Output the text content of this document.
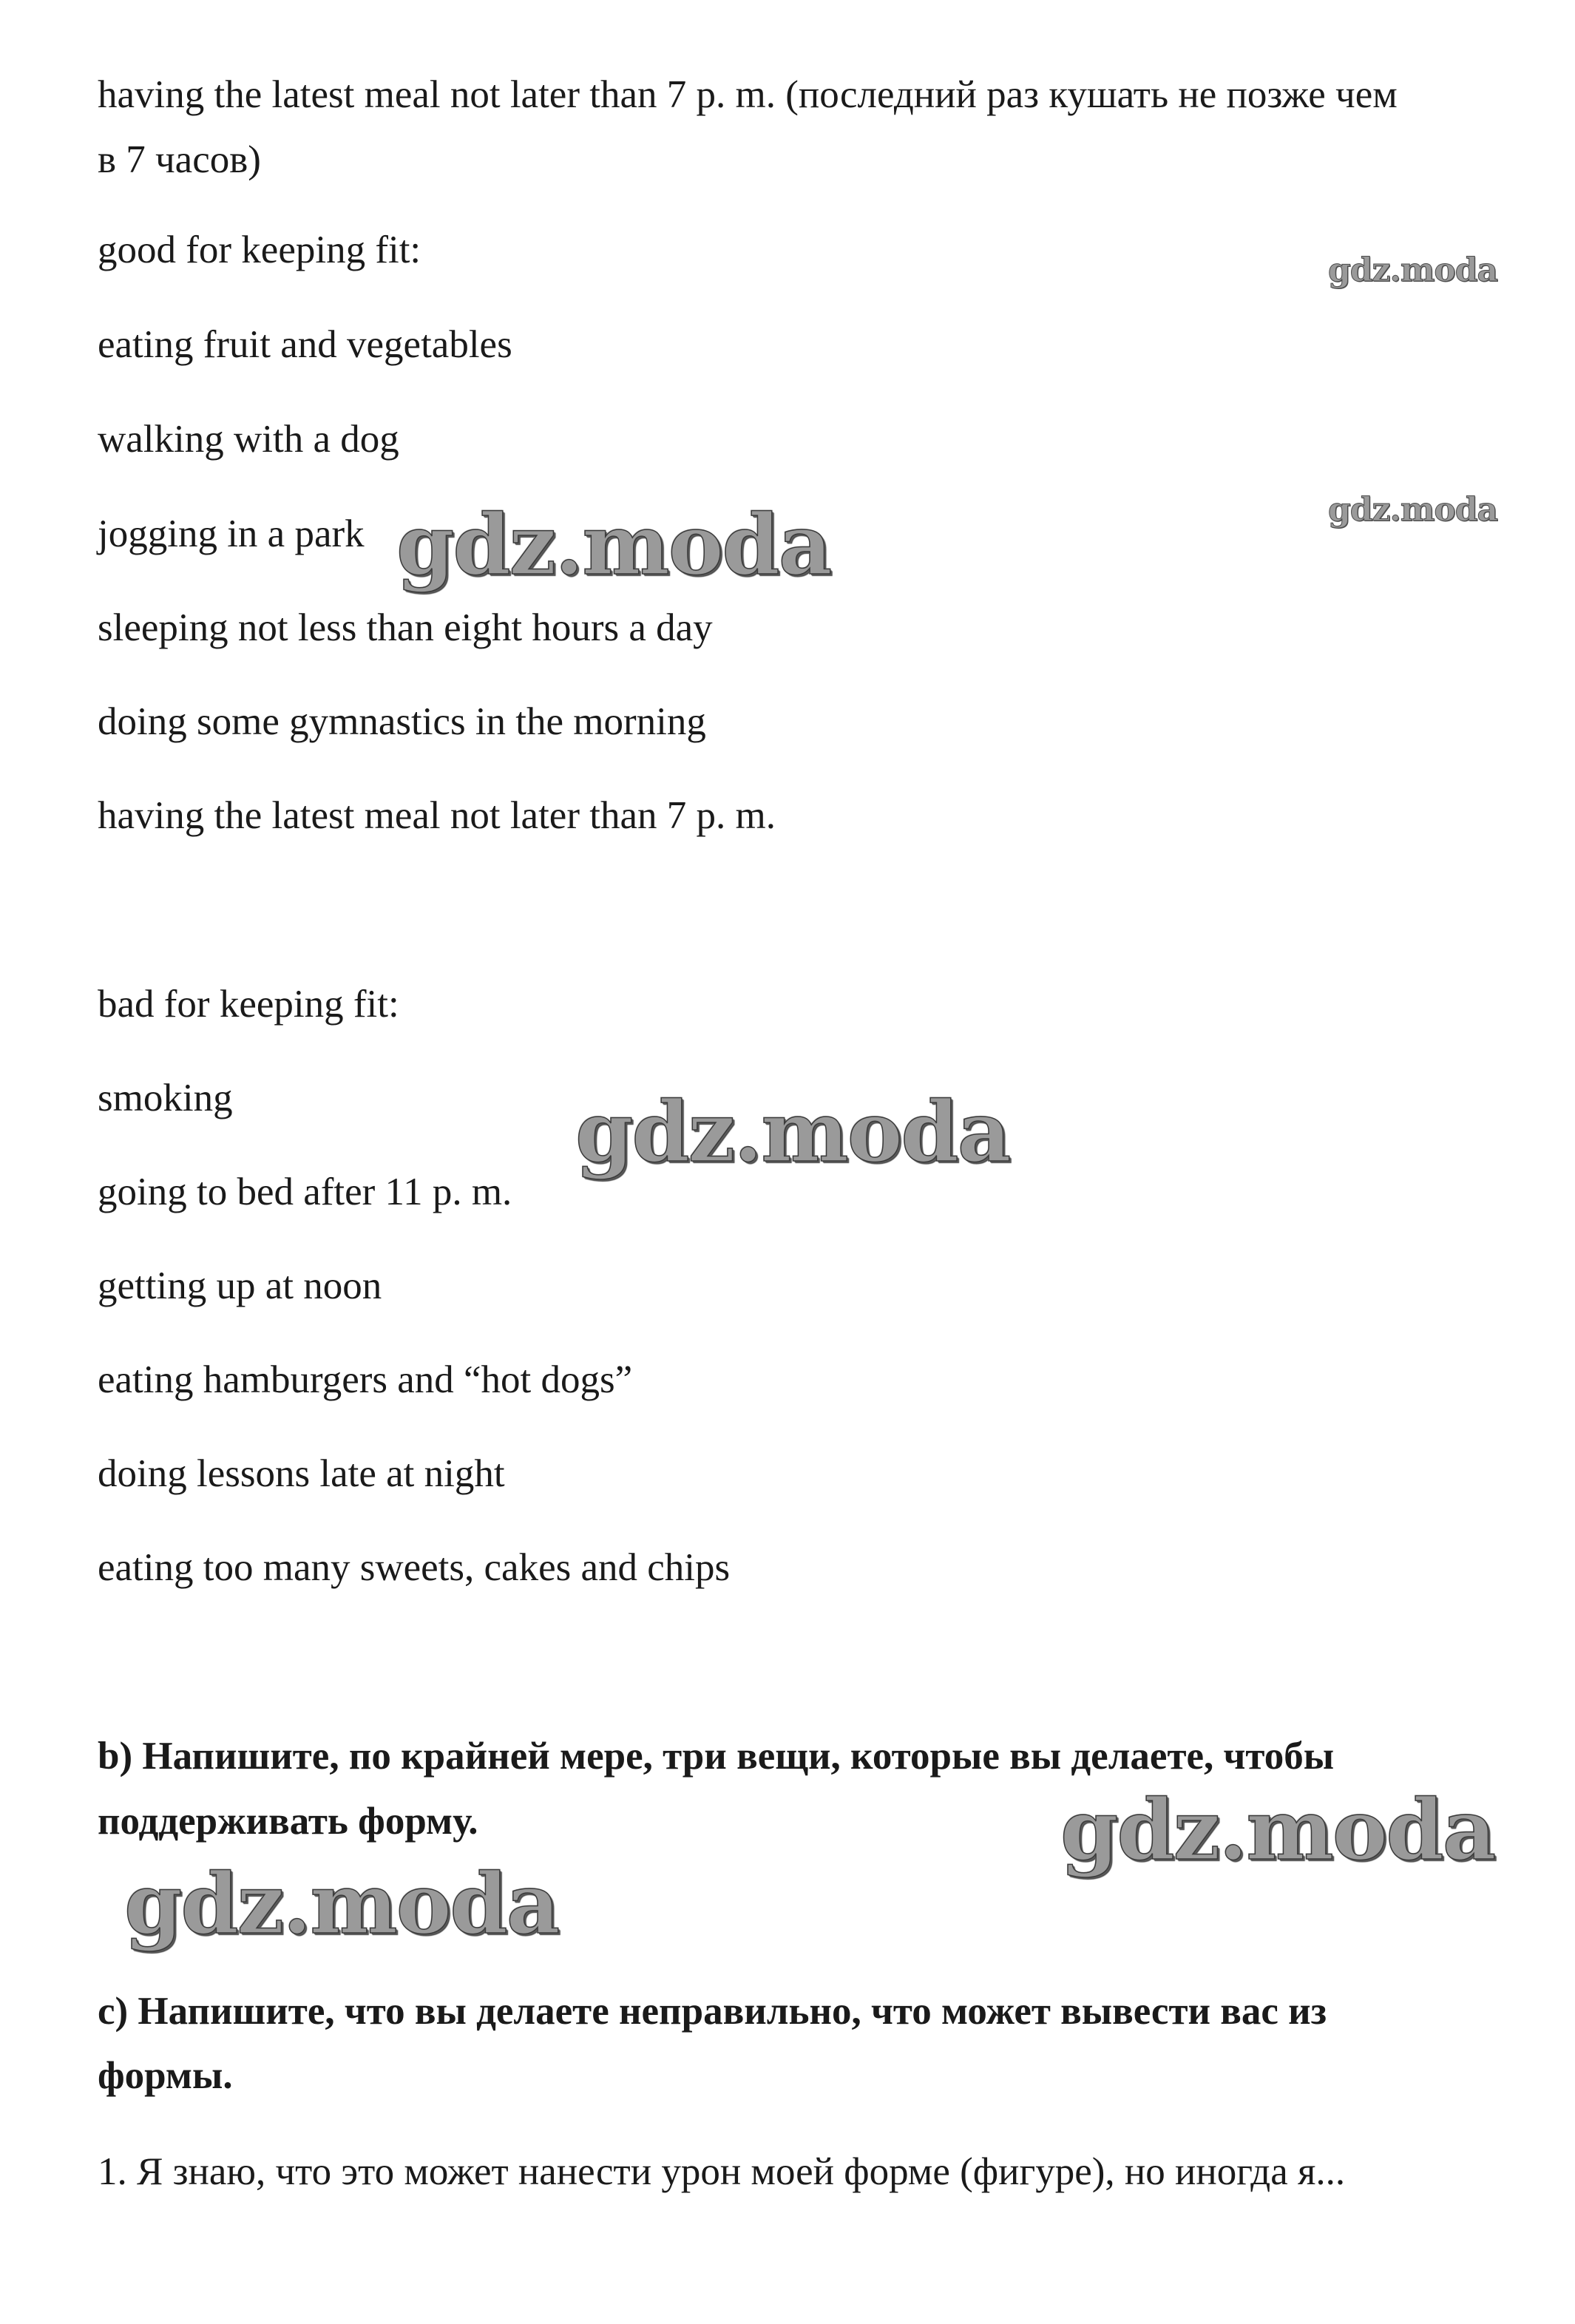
having the latest meal not later than 7 p. m. (последний раз кушать не позже чем
в 7 часов)
good for keeping fit:
eating fruit and vegetables
walking with a dog
jogging in a park
sleeping not less than eight hours a day
doing some gymnastics in the morning
having the latest meal not later than 7 p. m.
bad for keeping fit:
smoking
going to bed after 11 p. m.
getting up at noon
eating hamburgers and “hot dogs”
doing lessons late at night
eating too many sweets, cakes and chips
b) Напишите, по крайней мере, три вещи, которые вы делаете, чтобы
поддерживать форму.
c) Напишите, что вы делаете неправильно, что может вывести вас из
формы.
1. Я знаю, что это может нанести урон моей форме (фигуре), но иногда я...
gdz.moda
gdz.moda
gdz.moda
gdz.moda
gdz.moda
gdz.moda
